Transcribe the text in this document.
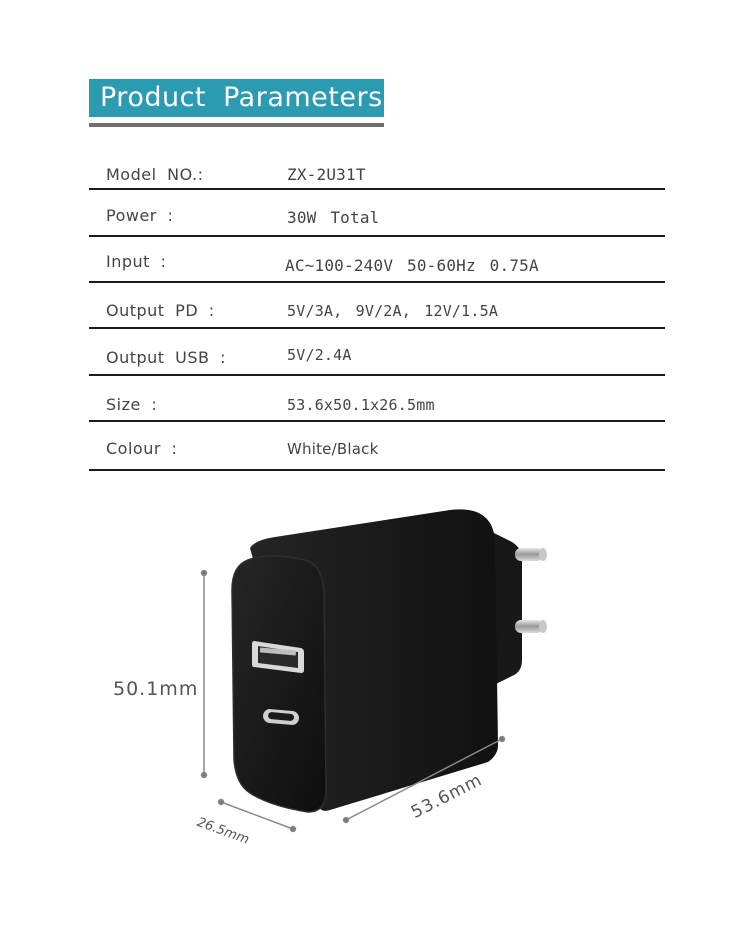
Product Parameters
Model NO.:	ZX-2U31T
Power :	30W Total
Input :	AC~100-240V 50-60Hz 0.75A
Output PD :	5V/3A, 9V/2A, 12V/1.5A
Output USB :	5V/2.4A
Size :	53.6x50.1x26.5mm
Colour :	White/Black
50.1mm
26.5mm
53.6mm
